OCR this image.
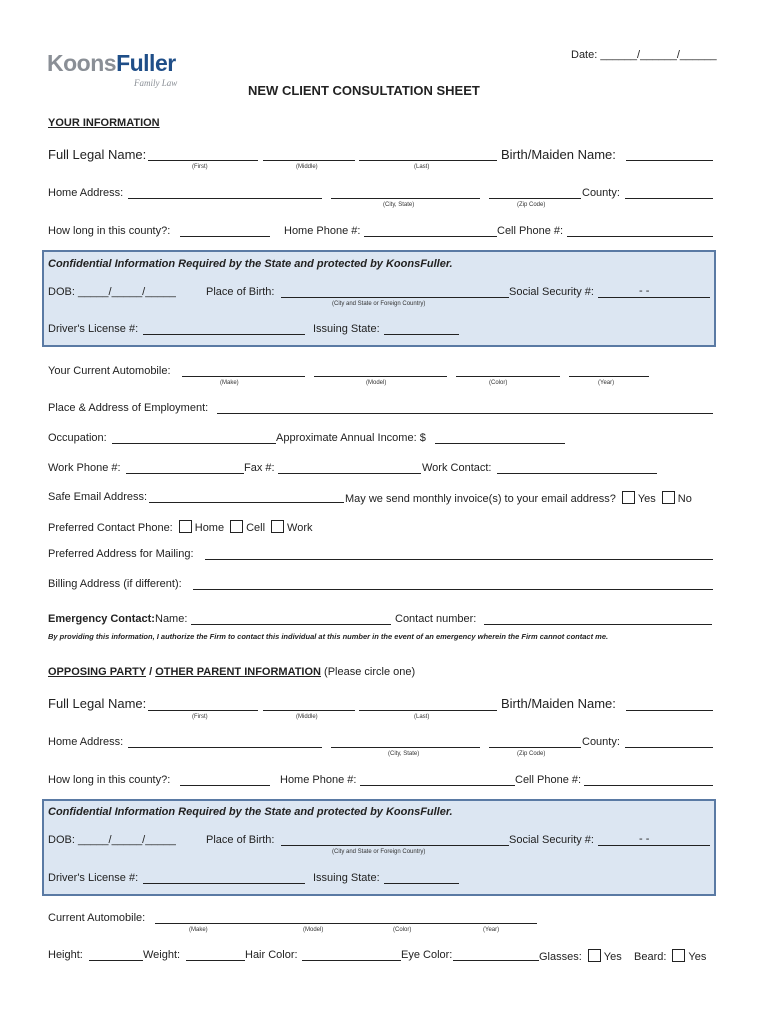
KoonsFuller
Family Law
Date: ______/______/______
NEW CLIENT CONSULTATION SHEET
YOUR INFORMATION
Full Legal Name:
(First)	(Middle)	(Last)
Birth/Maiden Name:
Home Address:
(City, State)	(Zip Code)
County:
How long in this county?:	Home Phone #:	Cell Phone #:
Confidential Information Required by the State and protected by KoonsFuller.
DOB: _____/_____/_____	Place of Birth:
(City and State or Foreign Country)
Social Security #:	- -
Driver's License #:	Issuing State:
Your Current Automobile:
(Make)	(Model)	(Color)	(Year)
Place & Address of Employment:
Occupation:	Approximate Annual Income: $
Work Phone #:	Fax #:	Work Contact:
Safe Email Address:	May we send monthly invoice(s) to your email address? Yes No
Preferred Contact Phone: Home Cell Work
Preferred Address for Mailing:
Billing Address (if different):
Emergency Contact: Name:	Contact number:
By providing this information, I authorize the Firm to contact this individual at this number in the event of an emergency wherein the Firm cannot contact me.
OPPOSING PARTY / OTHER PARENT INFORMATION (Please circle one)
Full Legal Name:
(First)	(Middle)	(Last)
Birth/Maiden Name:
Home Address:
(City, State)	(Zip Code)
County:
How long in this county?:	Home Phone #:	Cell Phone #:
Confidential Information Required by the State and protected by KoonsFuller.
DOB: _____/_____/_____	Place of Birth:
(City and State or Foreign Country)
Social Security #:	- -
Driver's License #:	Issuing State:
Current Automobile:
(Make)	(Model)	(Color)	(Year)
Height:	Weight:	Hair Color:	Eye Color:	Glasses: Yes Beard: Yes
